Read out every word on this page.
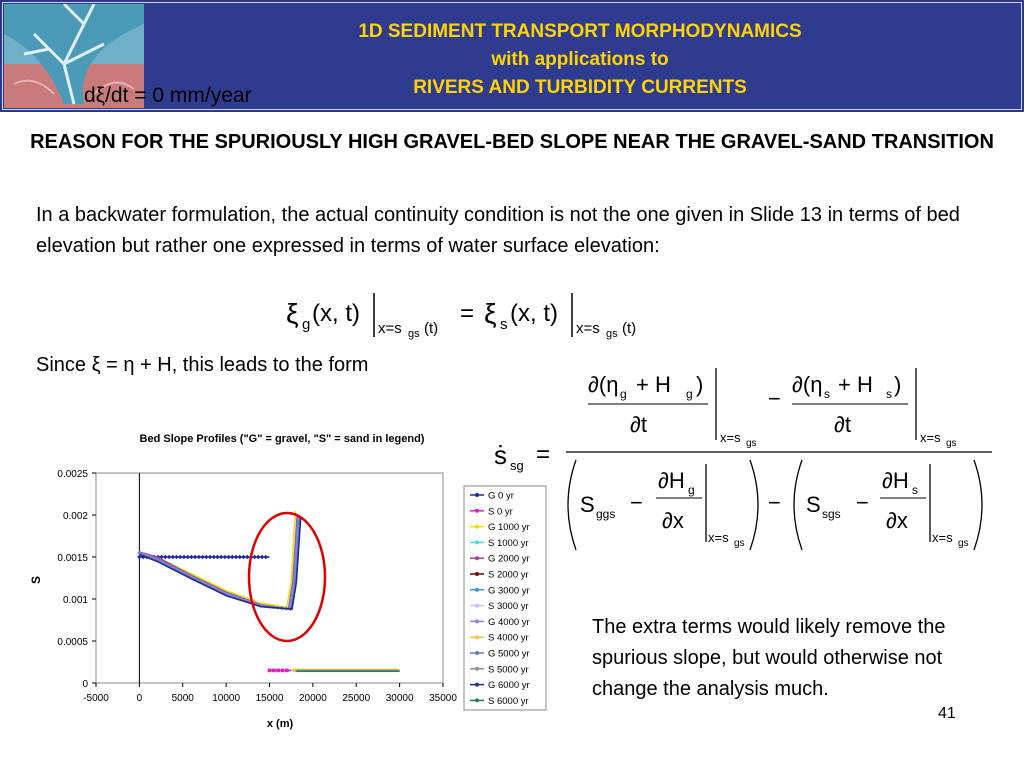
1D SEDIMENT TRANSPORT MORPHODYNAMICS
with applications to
RIVERS AND TURBIDITY CURRENTS
dξ/dt = 0 mm/year
REASON FOR THE SPURIOUSLY HIGH GRAVEL-BED SLOPE NEAR THE GRAVEL-SAND TRANSITION
In a backwater formulation, the actual continuity condition is not the one given in Slide 13 in terms of bed elevation but rather one expressed in terms of water surface elevation:
Since ξ = η + H, this leads to the form
The extra terms would likely remove the spurious slope, but would otherwise not change the analysis much.
41
ξ g (x, t)
x=s gs (t)
= ξ s (x, t)
x=s gs (t)
ṡ sg =
∂(η g + H g )
∂t
x=s gs
−
∂(η s + H s )
∂t
x=s gs
S ggs −
∂H g
∂x
x=s gs
− S sgs −
∂H s
∂x
x=s gs
Bed Slope Profiles ("G" = gravel, "S" = sand in legend)
0
0.0005
0.001
0.0015
0.002
0.0025
-5000	0	5000 10000 15000 20000 25000 30000 35000
x (m)
S
G 0 yr
S 0 yr
G 1000 yr
S 1000 yr
G 2000 yr
S 2000 yr
G 3000 yr
S 3000 yr
G 4000 yr
S 4000 yr
G 5000 yr
S 5000 yr
G 6000 yr
S 6000 yr
